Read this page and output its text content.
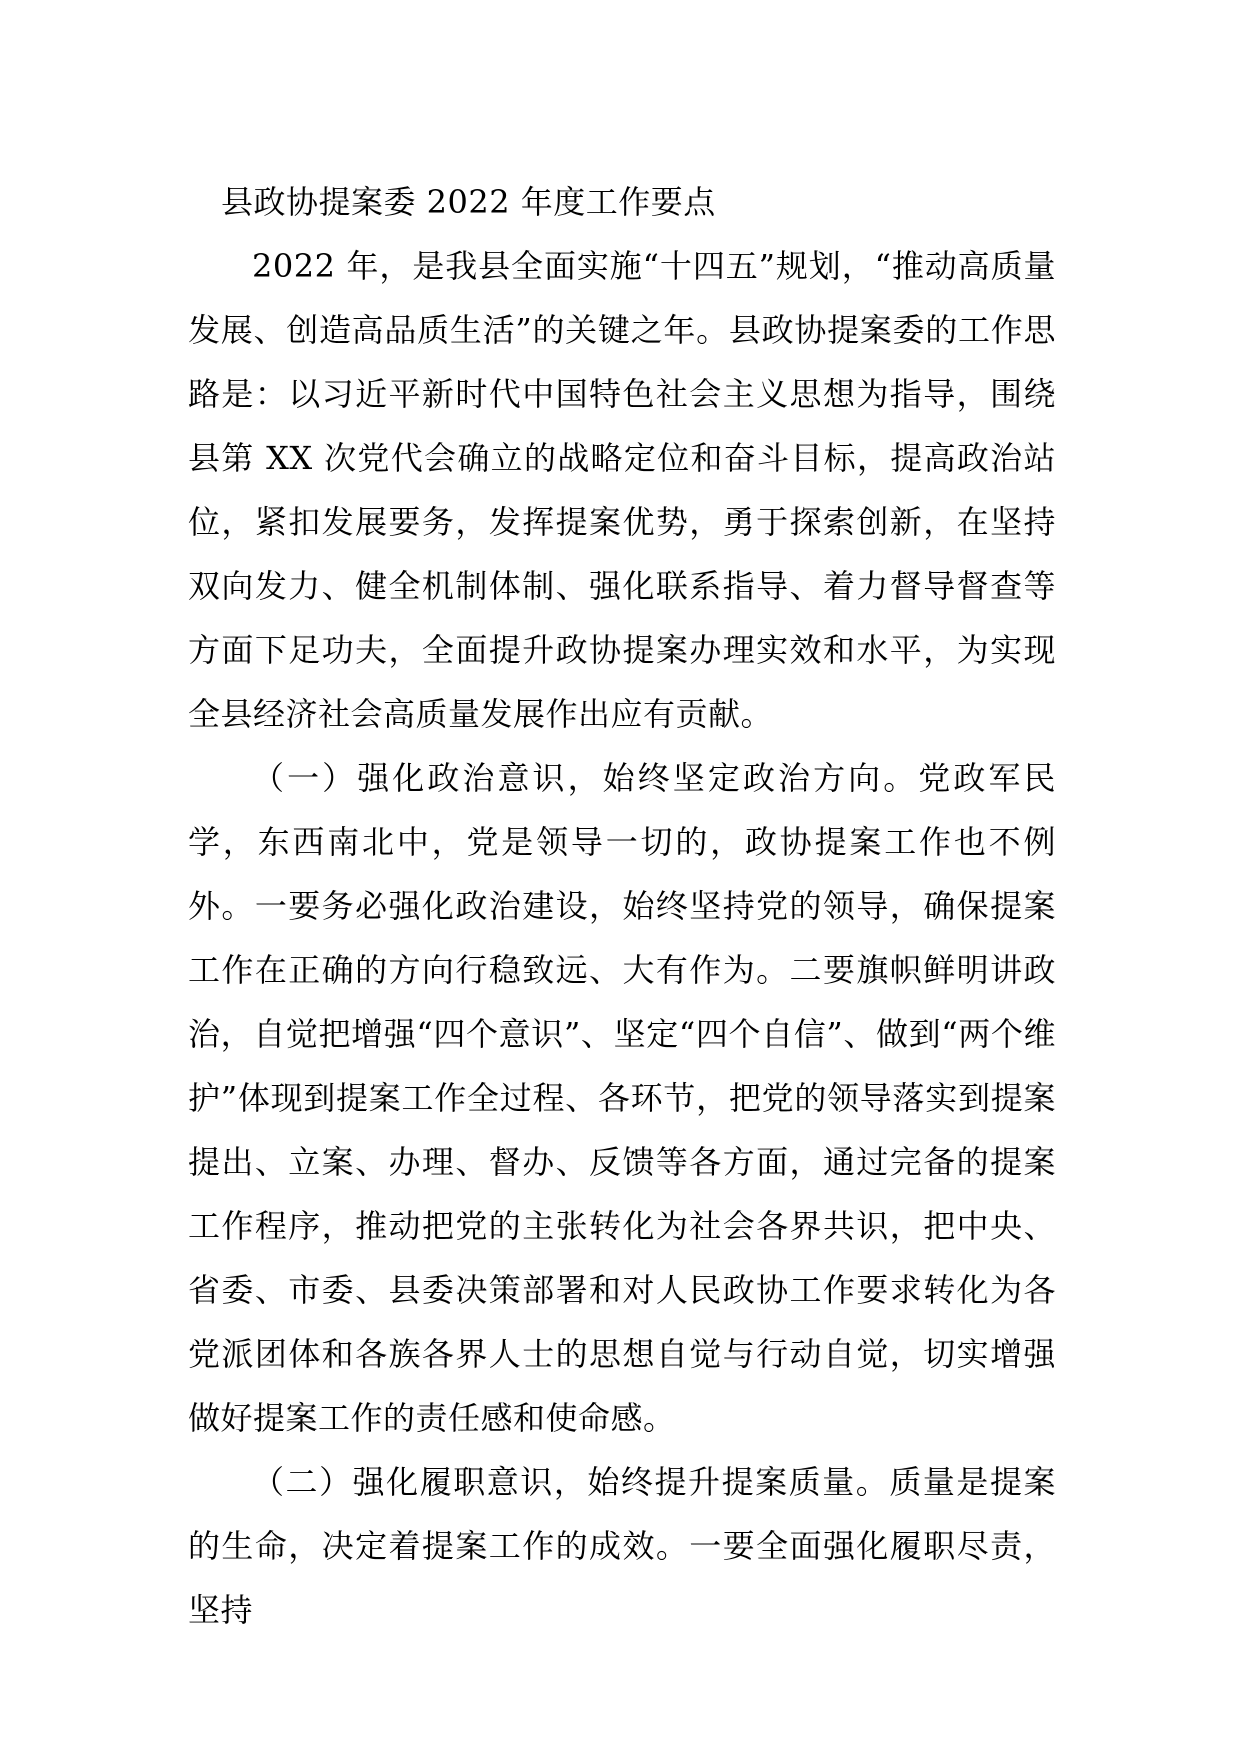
县政协提案委 2022 年度工作要点

2022 年，是我县全面实施“十四五”规划，“推动高质量发展、创造高品质生活”的关键之年。县政协提案委的工作思路是：以习近平新时代中国特色社会主义思想为指导，围绕县第 XX 次党代会确立的战略定位和奋斗目标，提高政治站位，紧扣发展要务，发挥提案优势，勇于探索创新，在坚持双向发力、健全机制体制、强化联系指导、着力督导督查等方面下足功夫，全面提升政协提案办理实效和水平，为实现全县经济社会高质量发展作出应有贡献。

（一）强化政治意识，始终坚定政治方向。党政军民学，东西南北中，党是领导一切的，政协提案工作也不例外。一要务必强化政治建设，始终坚持党的领导，确保提案工作在正确的方向行稳致远、大有作为。二要旗帜鲜明讲政治，自觉把增强“四个意识”、坚定“四个自信”、做到“两个维护”体现到提案工作全过程、各环节，把党的领导落实到提案提出、立案、办理、督办、反馈等各方面，通过完备的提案工作程序，推动把党的主张转化为社会各界共识，把中央、省委、市委、县委决策部署和对人民政协工作要求转化为各党派团体和各族各界人士的思想自觉与行动自觉，切实增强做好提案工作的责任感和使命感。

（二）强化履职意识，始终提升提案质量。质量是提案的生命，决定着提案工作的成效。一要全面强化履职尽责，坚持
